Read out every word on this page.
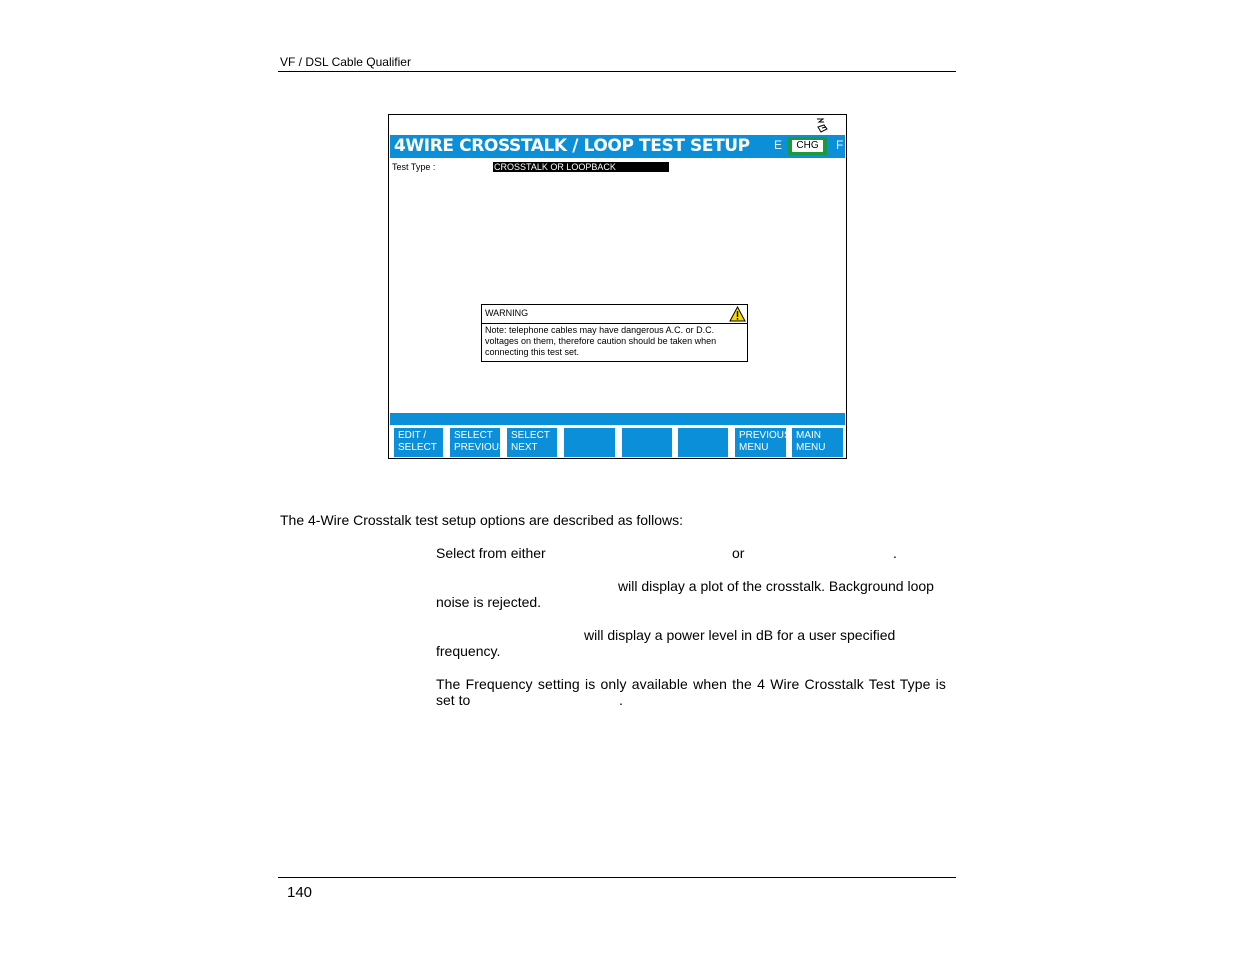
VF / DSL Cable Qualifier
4WIRE CROSSTALK / LOOP TEST SETUP E	CHG	F
Test Type :	CROSSTALK OR LOOPBACK
WARNING
Note: telephone cables may have dangerous A.C. or D.C.
voltages on them, therefore caution should be taken when
connecting this test set.
EDIT /
SELECT
SELECT
PREVIOUS
SELECT
NEXT
PREVIOUS
MENU
MAIN
MENU
The 4-Wire Crosstalk test setup options are described as follows:
Select from either	or	.
will display a plot of the crosstalk. Background loop
noise is rejected.
will display a power level in dB for a user specified
frequency.
The Frequency setting is only available when the 4 Wire Crosstalk Test Type is
set to	.
140
